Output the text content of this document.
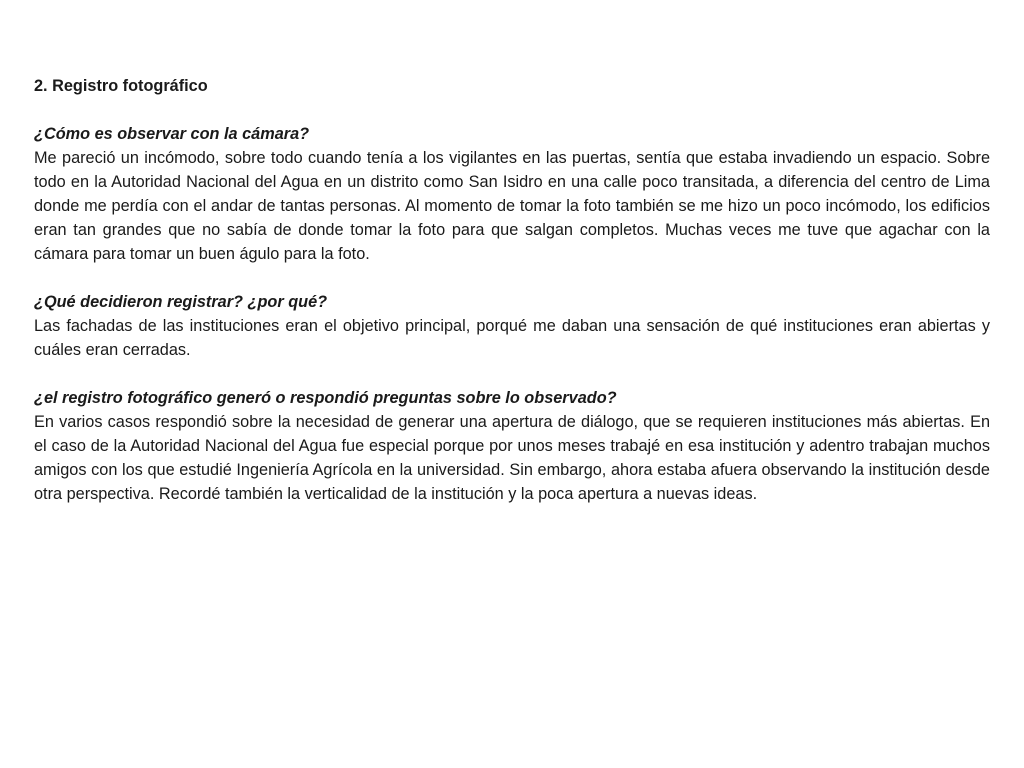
2. Registro fotográfico

¿Cómo es observar con la cámara?

Me pareció un incómodo, sobre todo cuando tenía a los vigilantes en las puertas, sentía que estaba invadiendo un espacio. Sobre todo en la Autoridad Nacional del Agua en un distrito como San Isidro en una calle poco transitada, a diferencia del centro de Lima donde me perdía con el andar de tantas personas. Al momento de tomar la foto también se me hizo un poco incómodo, los edificios eran tan grandes que no sabía de donde tomar la foto para que salgan completos. Muchas veces me tuve que agachar con la cámara para tomar un buen águlo para la foto.

¿Qué decidieron registrar? ¿por qué?

Las fachadas de las instituciones eran el objetivo principal, porqué me daban una sensación de qué instituciones eran abiertas y cuáles eran cerradas.

¿el registro fotográfico generó o respondió preguntas sobre lo observado?

En varios casos respondió sobre la necesidad de generar una apertura de diálogo, que se requieren instituciones más abiertas. En el caso de la Autoridad Nacional del Agua fue especial porque por unos meses trabajé en esa institución y adentro trabajan muchos amigos con los que estudié Ingeniería Agrícola en la universidad. Sin embargo, ahora estaba afuera observando la institución desde otra perspectiva. Recordé también la verticalidad de la institución y la poca apertura a nuevas ideas.
